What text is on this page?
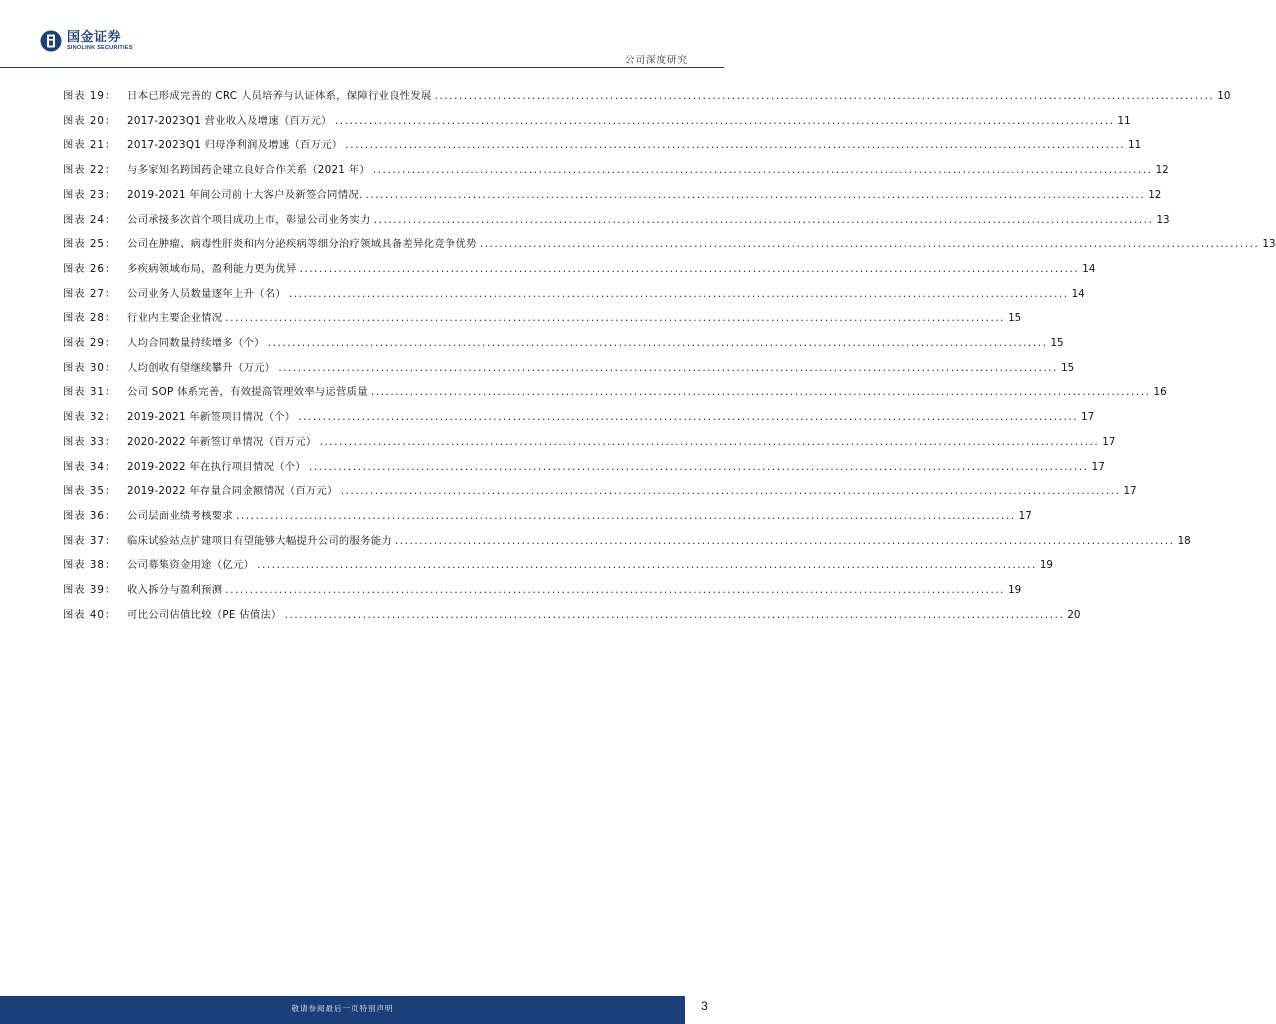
国金证券
SINOLINK SECURITIES
公司深度研究
图表 19：	日本已形成完善的 CRC 人员培养与认证体系，保障行业良性发展 ................................................................................................................................................................ 10
图表 20：	2017-2023Q1 营业收入及增速（百万元） ................................................................................................................................................................ 11
图表 21：	2017-2023Q1 归母净利润及增速（百万元） ................................................................................................................................................................ 11
图表 22：	与多家知名跨国药企建立良好合作关系（2021 年） ................................................................................................................................................................ 12
图表 23：	2019-2021 年间公司前十大客户及新签合同情况. ................................................................................................................................................................ 12
图表 24：	公司承接多次首个项目成功上市，彰显公司业务实力 ................................................................................................................................................................ 13
图表 25：	公司在肿瘤、病毒性肝炎和内分泌疾病等细分治疗领域具备差异化竞争优势 ................................................................................................................................................................ 13
图表 26：	多疾病领域布局，盈利能力更为优异 ................................................................................................................................................................ 14
图表 27：	公司业务人员数量逐年上升（名） ................................................................................................................................................................ 14
图表 28：	行业内主要企业情况 ................................................................................................................................................................ 15
图表 29：	人均合同数量持续增多（个） ................................................................................................................................................................ 15
图表 30：	人均创收有望继续攀升（万元） ................................................................................................................................................................ 15
图表 31：	公司 SOP 体系完善，有效提高管理效率与运营质量 ................................................................................................................................................................ 16
图表 32：	2019-2021 年新签项目情况（个） ................................................................................................................................................................ 17
图表 33：	2020-2022 年新签订单情况（百万元） ................................................................................................................................................................ 17
图表 34：	2019-2022 年在执行项目情况（个） ................................................................................................................................................................ 17
图表 35：	2019-2022 年存量合同金额情况（百万元） ................................................................................................................................................................ 17
图表 36：	公司层面业绩考核要求 ................................................................................................................................................................ 17
图表 37：	临床试验站点扩建项目有望能够大幅提升公司的服务能力 ................................................................................................................................................................ 18
图表 38：	公司募集资金用途（亿元） ................................................................................................................................................................ 19
图表 39：	收入拆分与盈利预测 ................................................................................................................................................................ 19
图表 40：	可比公司估值比较（PE 估值法） ................................................................................................................................................................ 20
敬请参阅最后一页特别声明	3
